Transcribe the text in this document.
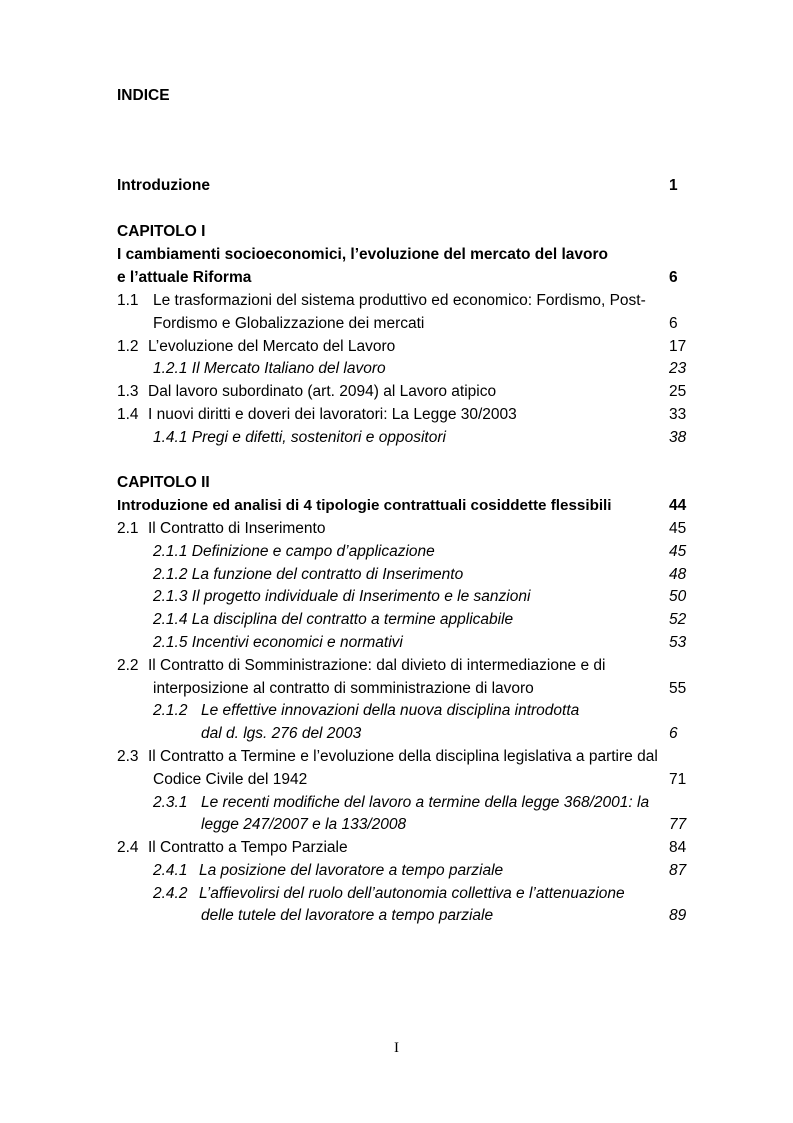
INDICE
Introduzione	1
CAPITOLO I
I cambiamenti socioeconomici, l’evoluzione del mercato del lavoro
e l’attuale Riforma	6
1.1 Le trasformazioni del sistema produttivo ed economico: Fordismo, Post-
Fordismo e Globalizzazione dei mercati	6
1.2 L’evoluzione del Mercato del Lavoro	17
1.2.1 Il Mercato Italiano del lavoro	23
1.3 Dal lavoro subordinato (art. 2094) al Lavoro atipico	25
1.4 I nuovi diritti e doveri dei lavoratori: La Legge 30/2003	33
1.4.1 Pregi e difetti, sostenitori e oppositori	38
CAPITOLO II
Introduzione ed analisi di 4 tipologie contrattuali cosiddette flessibili	44
2.1 Il Contratto di Inserimento	45
2.1.1 Definizione e campo d’applicazione	45
2.1.2 La funzione del contratto di Inserimento	48
2.1.3 Il progetto individuale di Inserimento e le sanzioni	50
2.1.4 La disciplina del contratto a termine applicabile	52
2.1.5 Incentivi economici e normativi	53
2.2 Il Contratto di Somministrazione: dal divieto di intermediazione e di
interposizione al contratto di somministrazione di lavoro	55
2.1.2 Le effettive innovazioni della nuova disciplina introdotta
dal d. lgs. 276 del 2003	6
2.3 Il Contratto a Termine e l’evoluzione della disciplina legislativa a partire dal
Codice Civile del 1942	71
2.3.1 Le recenti modifiche del lavoro a termine della legge 368/2001: la
legge 247/2007 e la 133/2008	77
2.4 Il Contratto a Tempo Parziale	84
2.4.1 La posizione del lavoratore a tempo parziale	87
2.4.2 L’affievolirsi del ruolo dell’autonomia collettiva e l’attenuazione
delle tutele del lavoratore a tempo parziale	89
I
